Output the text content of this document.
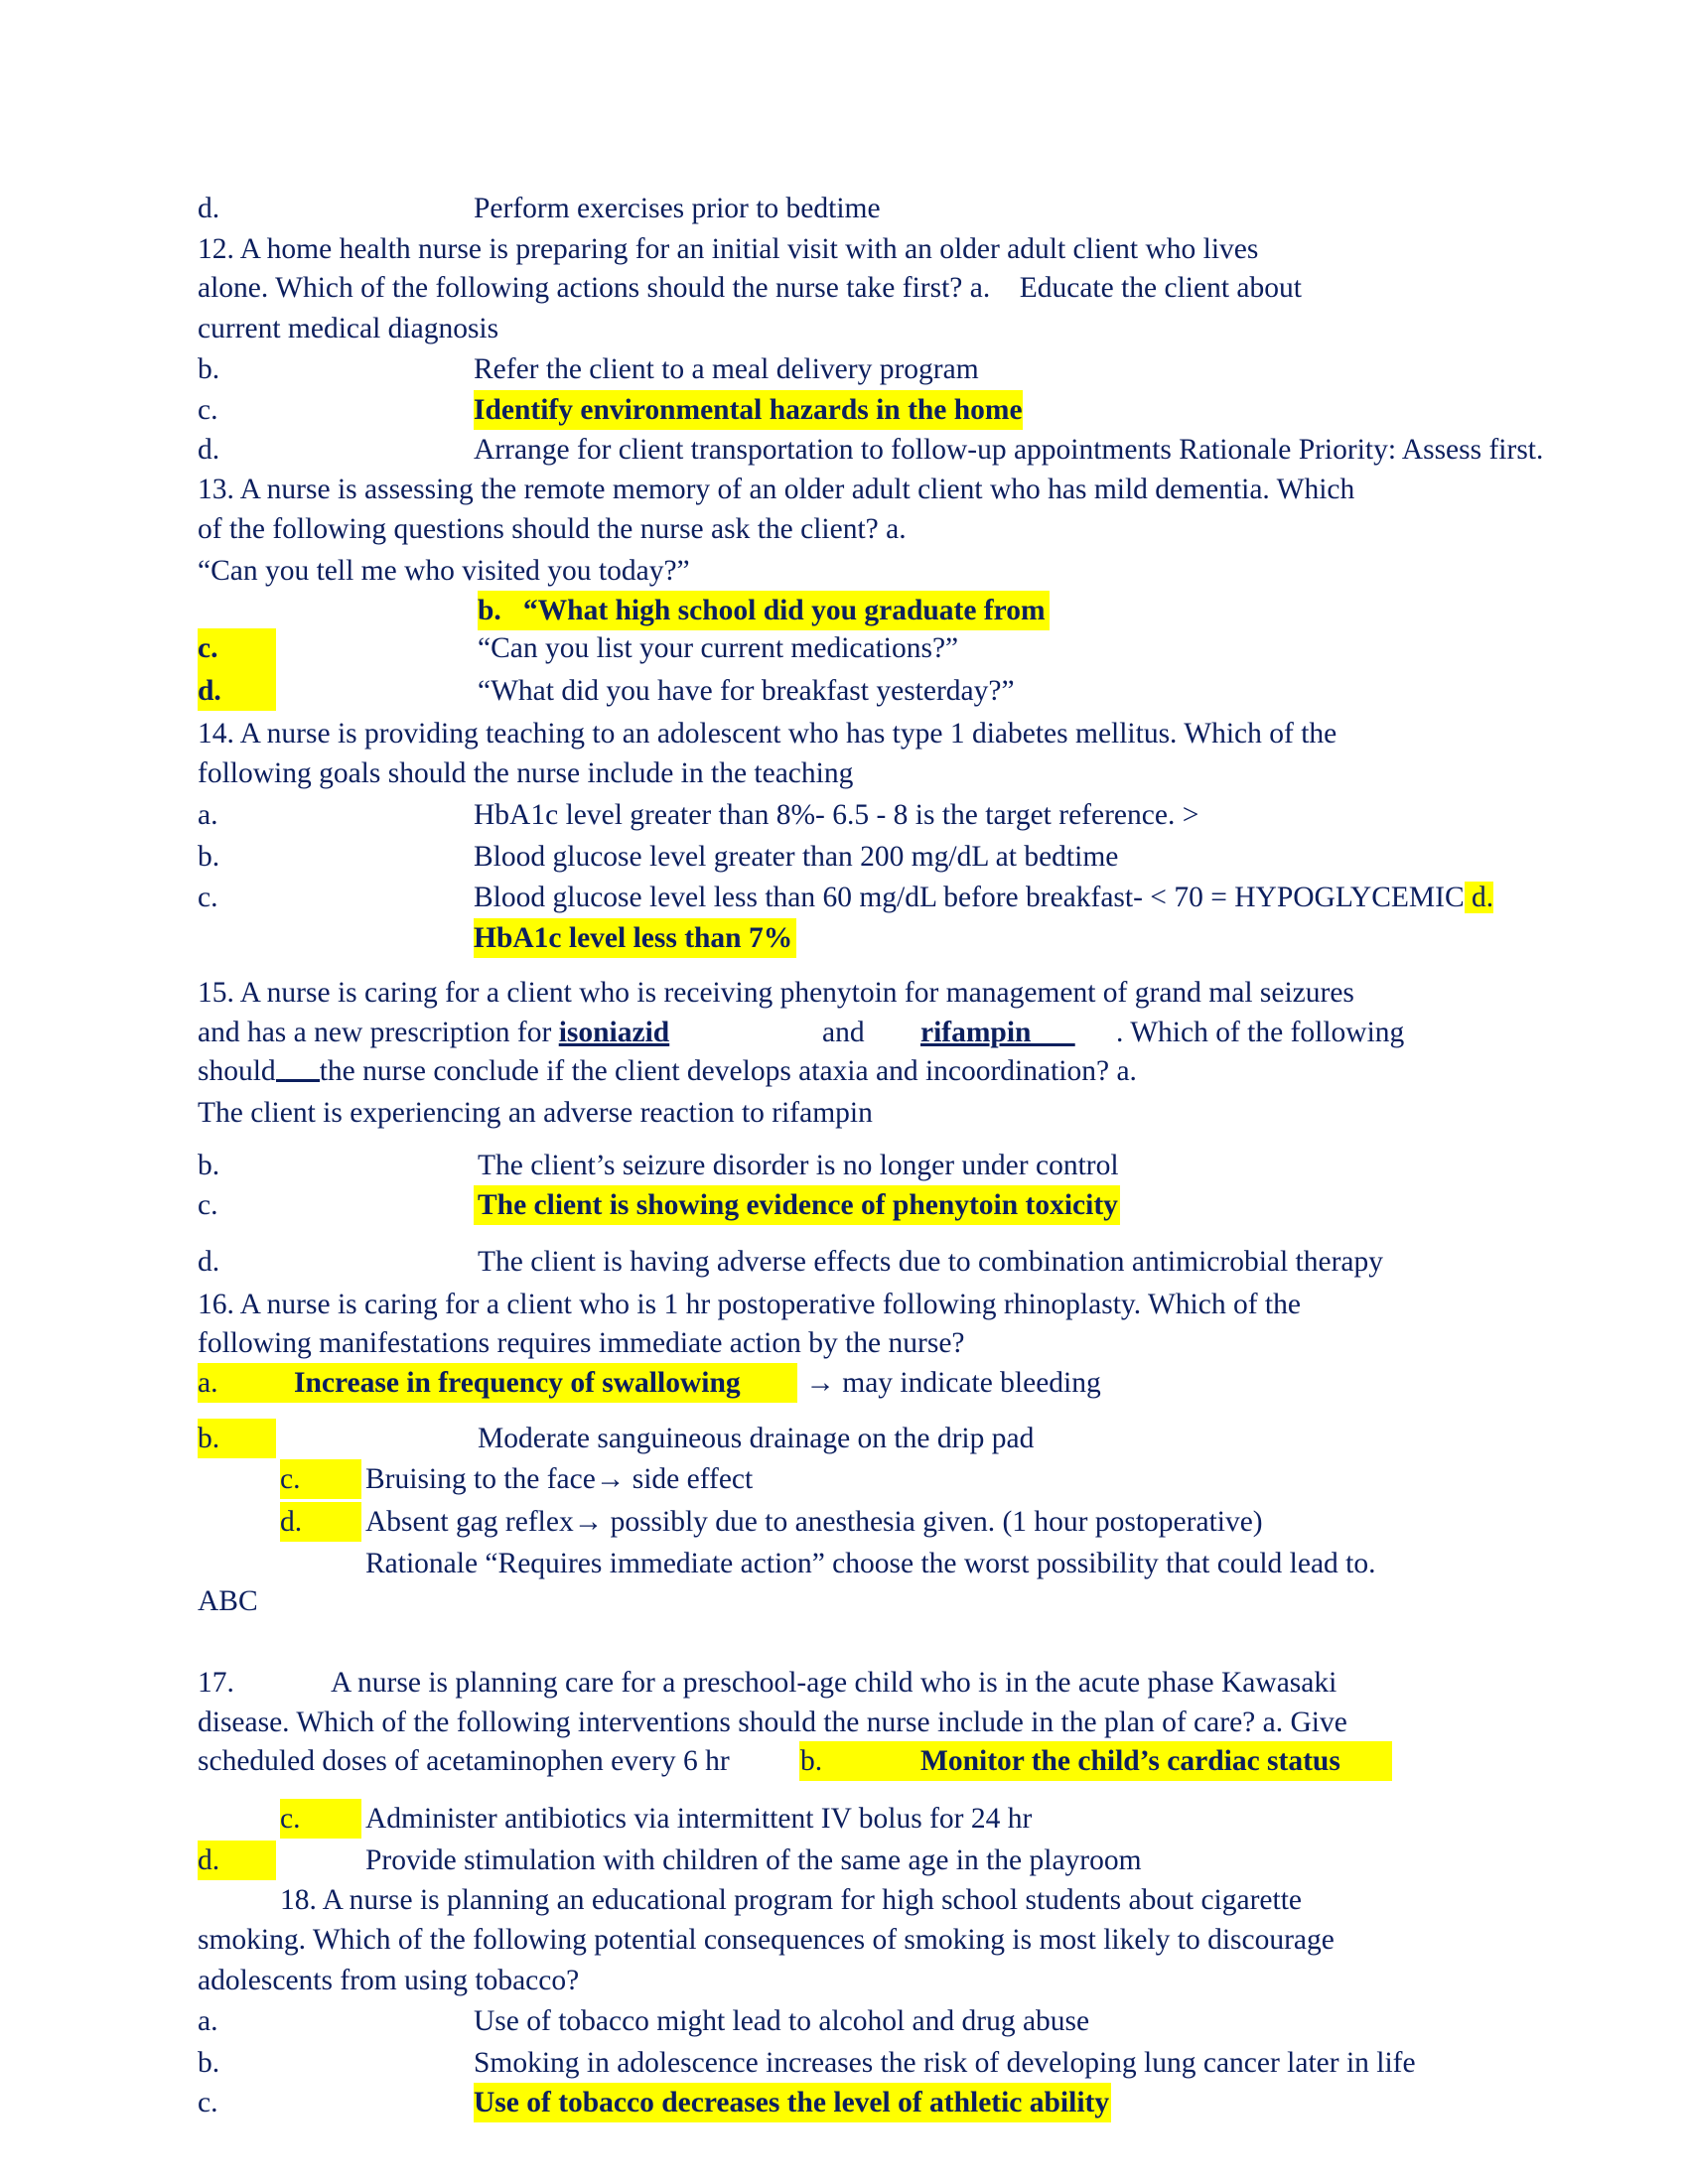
d.	Perform exercises prior to bedtime
12. A home health nurse is preparing for an initial visit with an older adult client who lives
alone. Which of the following actions should the nurse take first? a.    Educate the client about
current medical diagnosis
b.	Refer the client to a meal delivery program
c.	Identify environmental hazards in the home
d.	Arrange for client transportation to follow-up appointments Rationale Priority: Assess first.
13. A nurse is assessing the remote memory of an older adult client who has mild dementia. Which
of the following questions should the nurse ask the client? a.
“Can you tell me who visited you today?”
b.   “What high school did you graduate from
c.	“Can you list your current medications?”
d.	“What did you have for breakfast yesterday?”
14. A nurse is providing teaching to an adolescent who has type 1 diabetes mellitus. Which of the
following goals should the nurse include in the teaching
a.	HbA1c level greater than 8%- 6.5 - 8 is the target reference. >
b.	Blood glucose level greater than 200 mg/dL at bedtime
c.	Blood glucose level less than 60 mg/dL before breakfast- < 70 = HYPOGLYCEMIC d.
HbA1c level less than 7%
15. A nurse is caring for a client who is receiving phenytoin for management of grand mal seizures
and has a new prescription for isoniazid	and rifampin . Which of the following
should the nurse conclude if the client develops ataxia and incoordination? a.
The client is experiencing an adverse reaction to rifampin
b.	The client’s seizure disorder is no longer under control
c.	The client is showing evidence of phenytoin toxicity
d.	The client is having adverse effects due to combination antimicrobial therapy
16. A nurse is caring for a client who is 1 hr postoperative following rhinoplasty. Which of the
following manifestations requires immediate action by the nurse?
a.	Increase in frequency of swallowing → may indicate bleeding
b.	Moderate sanguineous drainage on the drip pad
c. Bruising to the face→ side effect
d. Absent gag reflex→ possibly due to anesthesia given. (1 hour postoperative)
Rationale “Requires immediate action” choose the worst possibility that could lead to.
ABC
17.	A nurse is planning care for a preschool-age child who is in the acute phase Kawasaki
disease. Which of the following interventions should the nurse include in the plan of care? a. Give
scheduled doses of acetaminophen every 6 hr b.	Monitor the child’s cardiac status
c. Administer antibiotics via intermittent IV bolus for 24 hr
d.	Provide stimulation with children of the same age in the playroom
18. A nurse is planning an educational program for high school students about cigarette
smoking. Which of the following potential consequences of smoking is most likely to discourage
adolescents from using tobacco?
a.	Use of tobacco might lead to alcohol and drug abuse
b.	Smoking in adolescence increases the risk of developing lung cancer later in life
c.	Use of tobacco decreases the level of athletic ability
